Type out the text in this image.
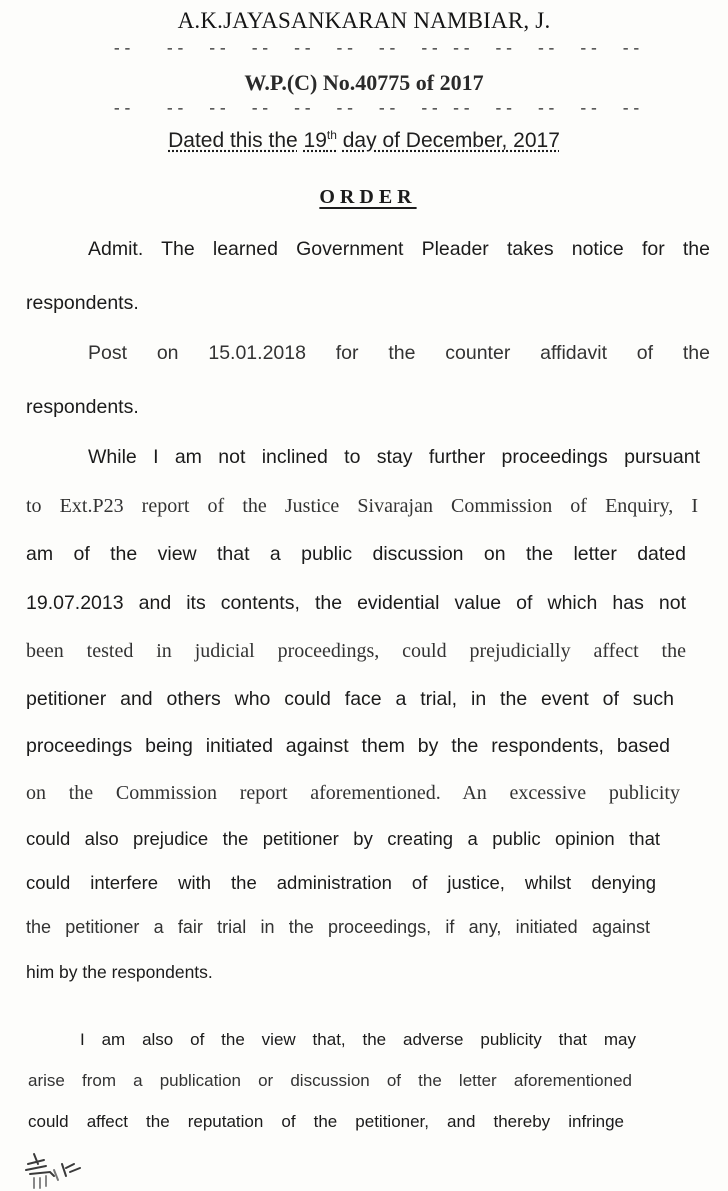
A.K.JAYASANKARAN NAMBIAR, J.
--   --  --  --  --  --  --  -- --  --  --  --  --
W.P.(C) No.40775 of 2017
--   --  --  --  --  --  --  -- --  --  --  --  --
Dated this the 19th day of December, 2017
ORDER
Admit. The learned Government Pleader takes notice for the
respondents.
Post on 15.01.2018 for the counter affidavit of the
respondents.
While I am not inclined to stay further proceedings pursuant
to Ext.P23 report of the Justice Sivarajan Commission of Enquiry, I
am of the view that a public discussion on the letter dated
19.07.2013 and its contents, the evidential value of which has not
been tested in judicial proceedings, could prejudicially affect the
petitioner and others who could face a trial, in the event of such
proceedings being initiated against them by the respondents, based
on the Commission report aforementioned. An excessive publicity
could also prejudice the petitioner by creating a public opinion that
could interfere with the administration of justice, whilst denying
the petitioner a fair trial in the proceedings, if any, initiated against
him by the respondents.
I am also of the view that, the adverse publicity that may
arise from a publication or discussion of the letter aforementioned
could affect the reputation of the petitioner, and thereby infringe
